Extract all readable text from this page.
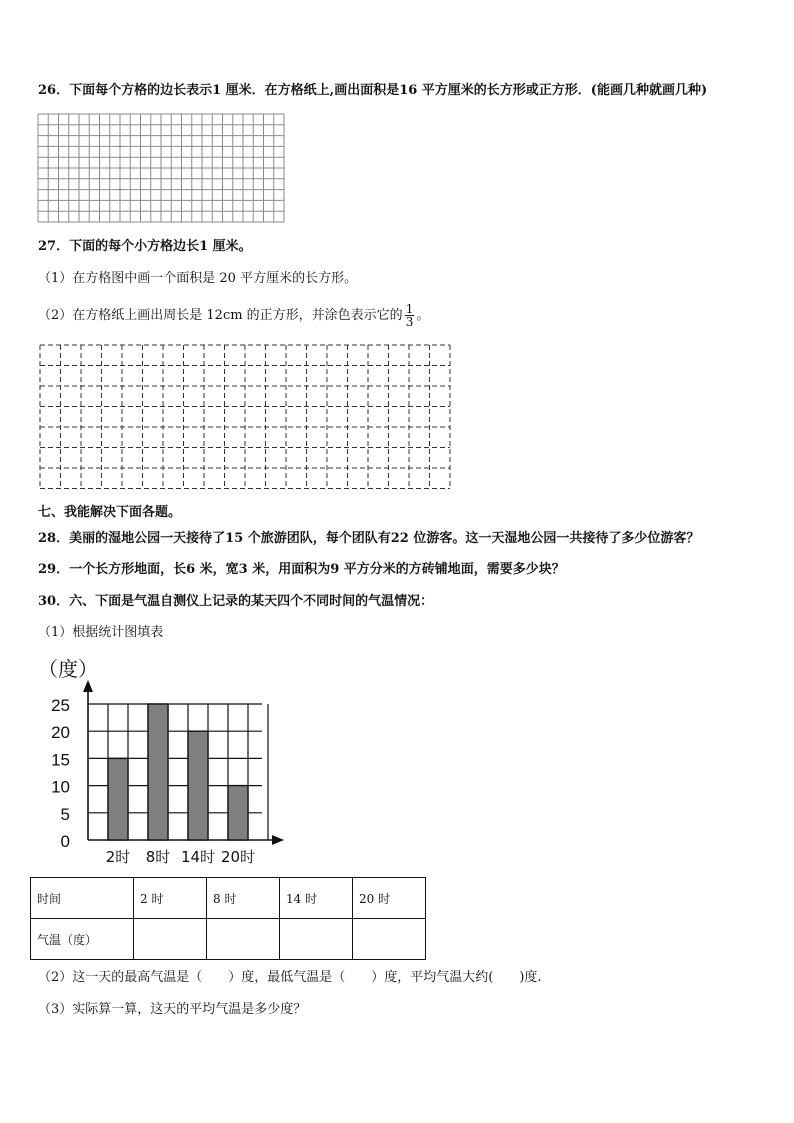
26．下面每个方格的边长表示1 厘米．在方格纸上,画出面积是16 平方厘米的长方形或正方形．(能画几种就画几种)
27．下面的每个小方格边长1 厘米。
（1）在方格图中画一个面积是 20 平方厘米的长方形。
（2）在方格纸上画出周长是 12cm 的正方形，并涂色表示它的 $\frac{1}{3}$ 。
七、我能解决下面各题。
28．美丽的湿地公园一天接待了15 个旅游团队，每个团队有22 位游客。这一天湿地公园一共接待了多少位游客？
29．一个长方形地面，长6 米，宽3 米，用面积为9 平方分米的方砖铺地面，需要多少块？
30．六、下面是气温自测仪上记录的某天四个不同时间的气温情况：
（1）根据统计图填表
0
5
10
15
20
25
（度）
2时 8时 14时 20时
时间	2 时	8 时	14 时	20 时
气温（度）				
（2）这一天的最高气温是（　　）度，最低气温是（　　）度，平均气温大约(　　)度.
（3）实际算一算，这天的平均气温是多少度？
